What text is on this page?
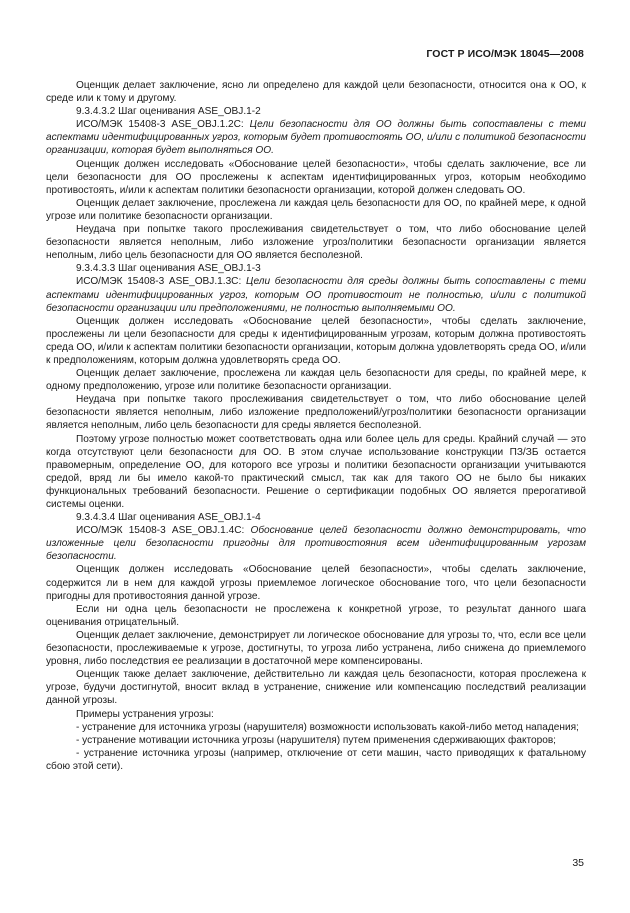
ГОСТ Р ИСО/МЭК 18045—2008

Оценщик делает заключение, ясно ли определено для каждой цели безопасности, относится она к ОО, к среде или к тому и другому.

9.3.4.3.2 Шаг оценивания ASE_OBJ.1-2

ИСО/МЭК 15408-3 ASE_OBJ.1.2C: Цели безопасности для ОО должны быть сопоставлены с теми аспектами идентифицированных угроз, которым будет противостоять ОО, и/или с политикой безопасности организации, которая будет выполняться ОО.

Оценщик должен исследовать «Обоснование целей безопасности», чтобы сделать заключение, все ли цели безопасности для ОО прослежены к аспектам идентифицированных угроз, которым необходимо противостоять, и/или к аспектам политики безопасности организации, которой должен следовать ОО.

Оценщик делает заключение, прослежена ли каждая цель безопасности для ОО, по крайней мере, к одной угрозе или политике безопасности организации.

Неудача при попытке такого прослеживания свидетельствует о том, что либо обоснование целей безопасности является неполным, либо изложение угроз/политики безопасности организации является неполным, либо цель безопасности для ОО является бесполезной.

9.3.4.3.3 Шаг оценивания ASE_OBJ.1-3

ИСО/МЭК 15408-3 ASE_OBJ.1.3C: Цели безопасности для среды должны быть сопоставлены с теми аспектами идентифицированных угроз, которым ОО противостоит не полностью, и/или с политикой безопасности организации или предположениями, не полностью выполняемыми ОО.

Оценщик должен исследовать «Обоснование целей безопасности», чтобы сделать заключение, прослежены ли цели безопасности для среды к идентифицированным угрозам, которым должна противостоять среда ОО, и/или к аспектам политики безопасности организации, которым должна удовлетворять среда ОО, и/или к предположениям, которым должна удовлетворять среда ОО.

Оценщик делает заключение, прослежена ли каждая цель безопасности для среды, по крайней мере, к одному предположению, угрозе или политике безопасности организации.

Неудача при попытке такого прослеживания свидетельствует о том, что либо обоснование целей безопасности является неполным, либо изложение предположений/угроз/политики безопасности организации является неполным, либо цель безопасности для среды является бесполезной.

Поэтому угрозе полностью может соответствовать одна или более цель для среды. Крайний случай — это когда отсутствуют цели безопасности для ОО. В этом случае использование конструкции ПЗ/ЗБ остается правомерным, определение ОО, для которого все угрозы и политики безопасности организации учитываются средой, вряд ли бы имело какой-то практический смысл, так как для такого ОО не было бы никаких функциональных требований безопасности. Решение о сертификации подобных ОО является прерогативой системы оценки.

9.3.4.3.4 Шаг оценивания ASE_OBJ.1-4

ИСО/МЭК 15408-3 ASE_OBJ.1.4C: Обоснование целей безопасности должно демонстрировать, что изложенные цели безопасности пригодны для противостояния всем идентифицированным угрозам безопасности.

Оценщик должен исследовать «Обоснование целей безопасности», чтобы сделать заключение, содержится ли в нем для каждой угрозы приемлемое логическое обоснование того, что цели безопасности пригодны для противостояния данной угрозе.

Если ни одна цель безопасности не прослежена к конкретной угрозе, то результат данного шага оценивания отрицательный.

Оценщик делает заключение, демонстрирует ли логическое обоснование для угрозы то, что, если все цели безопасности, прослеживаемые к угрозе, достигнуты, то угроза либо устранена, либо снижена до приемлемого уровня, либо последствия ее реализации в достаточной мере компенсированы.

Оценщик также делает заключение, действительно ли каждая цель безопасности, которая прослежена к угрозе, будучи достигнутой, вносит вклад в устранение, снижение или компенсацию последствий реализации данной угрозы.

Примеры устранения угрозы:

- устранение для источника угрозы (нарушителя) возможности использовать какой-либо метод нападения;

- устранение мотивации источника угрозы (нарушителя) путем применения сдерживающих факторов;

- устранение источника угрозы (например, отключение от сети машин, часто приводящих к фатальному сбою этой сети).

35
